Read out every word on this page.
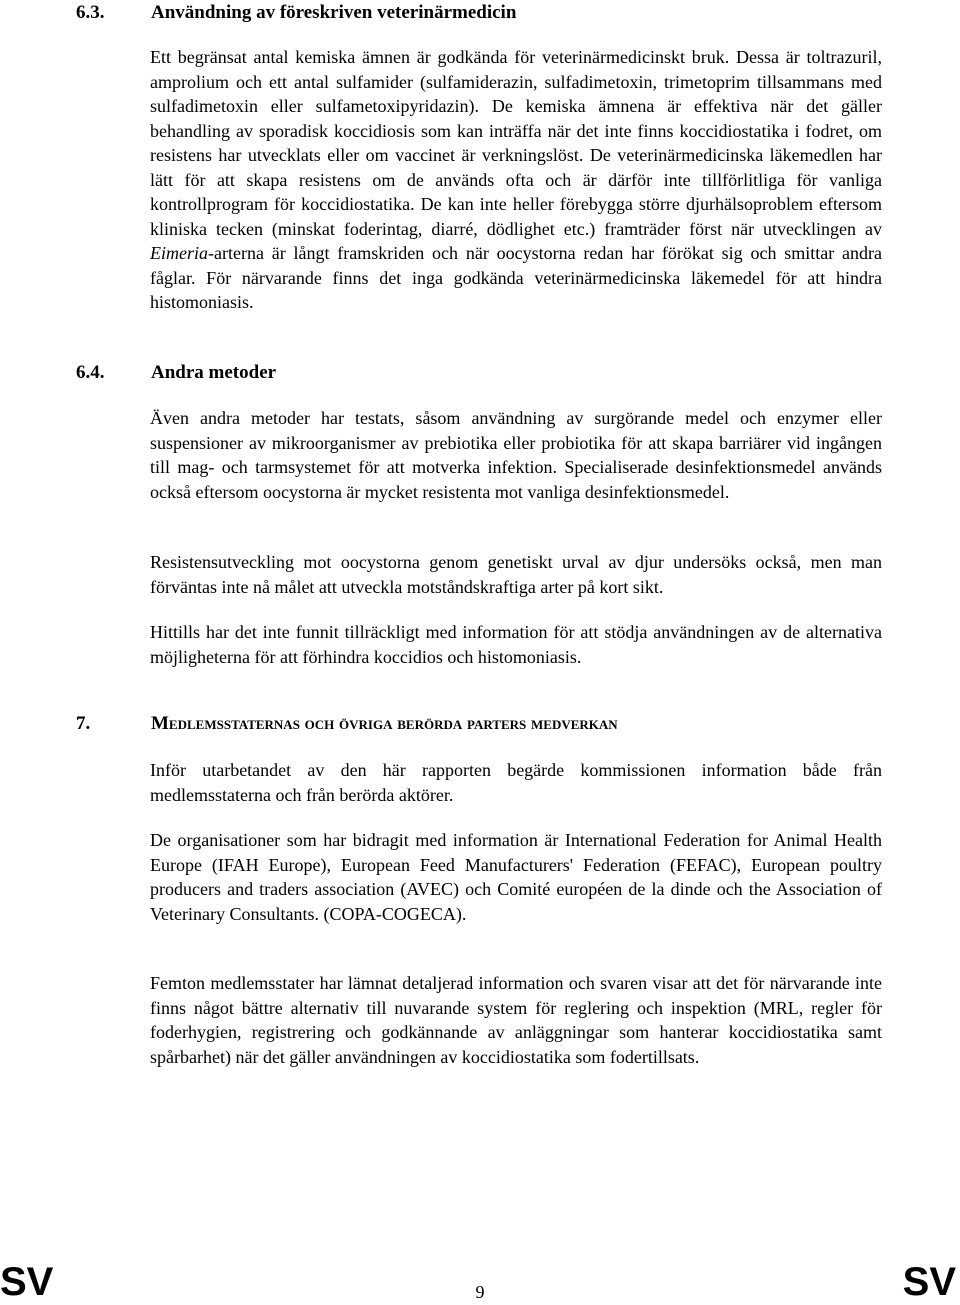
6.3. Användning av föreskriven veterinärmedicin
Ett begränsat antal kemiska ämnen är godkända för veterinärmedicinskt bruk. Dessa är toltrazuril, amprolium och ett antal sulfamider (sulfamiderazin, sulfadimetoxin, trimetoprim tillsammans med sulfadimetoxin eller sulfametoxipyridazin). De kemiska ämnena är effektiva när det gäller behandling av sporadisk koccidiosis som kan inträffa när det inte finns koccidiostatika i fodret, om resistens har utvecklats eller om vaccinet är verkningslöst. De veterinärmedicinska läkemedlen har lätt för att skapa resistens om de används ofta och är därför inte tillförlitliga för vanliga kontrollprogram för koccidiostatika. De kan inte heller förebygga större djurhälsoproblem eftersom kliniska tecken (minskat foderintag, diarré, dödlighet etc.) framträder först när utvecklingen av Eimeria-arterna är långt framskriden och när oocystorna redan har förökat sig och smittar andra fåglar. För närvarande finns det inga godkända veterinärmedicinska läkemedel för att hindra histomoniasis.
6.4. Andra metoder
Även andra metoder har testats, såsom användning av surgörande medel och enzymer eller suspensioner av mikroorganismer av prebiotika eller probiotika för att skapa barriärer vid ingången till mag- och tarmsystemet för att motverka infektion. Specialiserade desinfektionsmedel används också eftersom oocystorna är mycket resistenta mot vanliga desinfektionsmedel.
Resistensutveckling mot oocystorna genom genetiskt urval av djur undersöks också, men man förväntas inte nå målet att utveckla motståndskraftiga arter på kort sikt.
Hittills har det inte funnit tillräckligt med information för att stödja användningen av de alternativa möjligheterna för att förhindra koccidios och histomoniasis.
7.	Medlemsstaternas och övriga berörda parters medverkan
Inför utarbetandet av den här rapporten begärde kommissionen information både från medlemsstaterna och från berörda aktörer.
De organisationer som har bidragit med information är International Federation for Animal Health Europe (IFAH Europe), European Feed Manufacturers' Federation (FEFAC), European poultry producers and traders association (AVEC) och Comité européen de la dinde och the Association of Veterinary Consultants. (COPA-COGECA).
Femton medlemsstater har lämnat detaljerad information och svaren visar att det för närvarande inte finns något bättre alternativ till nuvarande system för reglering och inspektion (MRL, regler för foderhygien, registrering och godkännande av anläggningar som hanterar koccidiostatika samt spårbarhet) när det gäller användningen av koccidiostatika som fodertillsats.
SV	9	SV
